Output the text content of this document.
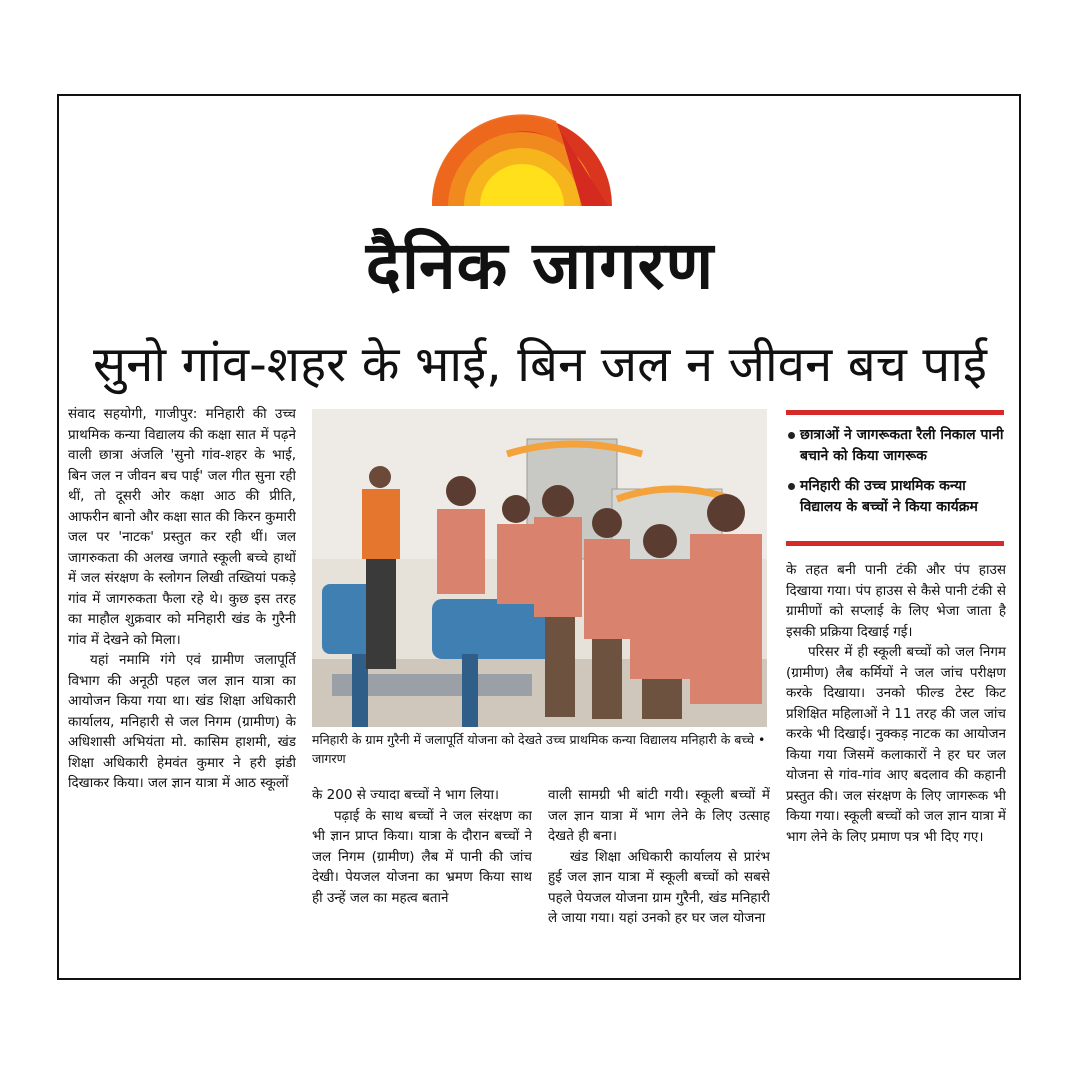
दैनिक जागरण
सुनो गांव-शहर के भाई, बिन जल न जीवन बच पाई

संवाद सहयोगी, गाजीपुर: मनिहारी की उच्च प्राथमिक कन्या विद्यालय की कक्षा सात में पढ़ने वाली छात्रा अंजलि 'सुनो गांव-शहर के भाई, बिन जल न जीवन बच पाई' जल गीत सुना रही थीं, तो दूसरी ओर कक्षा आठ की प्रीति, आफरीन बानो और कक्षा सात की किरन कुमारी जल पर 'नाटक' प्रस्तुत कर रही थीं। जल जागरुकता की अलख जगाते स्कूली बच्चे हाथों में जल संरक्षण के स्लोगन लिखी तख्तियां पकड़े गांव में जागरुकता फैला रहे थे। कुछ इस तरह का माहौल शुक्रवार को मनिहारी खंड के गुरैनी गांव में देखने को मिला।

यहां नमामि गंगे एवं ग्रामीण जलापूर्ति विभाग की अनूठी पहल जल ज्ञान यात्रा का आयोजन किया गया था। खंड शिक्षा अधिकारी कार्यालय, मनिहारी से जल निगम (ग्रामीण) के अधिशासी अभियंता मो. कासिम हाशमी, खंड शिक्षा अधिकारी हेमवंत कुमार ने हरी झंडी दिखाकर किया। जल ज्ञान यात्रा में आठ स्कूलों

मनिहारी के ग्राम गुरैनी में जलापूर्ति योजना को देखते उच्च प्राथमिक कन्या विद्यालय मनिहारी के बच्चे • जागरण
छात्राओं ने जागरूकता रैली निकाल पानी बचाने को किया जागरूक
मनिहारी की उच्च प्राथमिक कन्या विद्यालय के बच्चों ने किया कार्यक्रम

के 200 से ज्यादा बच्चों ने भाग लिया।

पढ़ाई के साथ बच्चों ने जल संरक्षण का भी ज्ञान प्राप्त किया। यात्रा के दौरान बच्चों ने जल निगम (ग्रामीण) लैब में पानी की जांच देखी। पेयजल योजना का भ्रमण किया साथ ही उन्हें जल का महत्व बताने

वाली सामग्री भी बांटी गयी। स्कूली बच्चों में जल ज्ञान यात्रा में भाग लेने के लिए उत्साह देखते ही बना।

खंड शिक्षा अधिकारी कार्यालय से प्रारंभ हुई जल ज्ञान यात्रा में स्कूली बच्चों को सबसे पहले पेयजल योजना ग्राम गुरैनी, खंड मनिहारी ले जाया गया। यहां उनको हर घर जल योजना

के तहत बनी पानी टंकी और पंप हाउस दिखाया गया। पंप हाउस से कैसे पानी टंकी से ग्रामीणों को सप्लाई के लिए भेजा जाता है इसकी प्रक्रिया दिखाई गई।

परिसर में ही स्कूली बच्चों को जल निगम (ग्रामीण) लैब कर्मियों ने जल जांच परीक्षण करके दिखाया। उनको फील्ड टेस्ट किट प्रशिक्षित महिलाओं ने 11 तरह की जल जांच करके भी दिखाई। नुक्कड़ नाटक का आयोजन किया गया जिसमें कलाकारों ने हर घर जल योजना से गांव-गांव आए बदलाव की कहानी प्रस्तुत की। जल संरक्षण के लिए जागरूक भी किया गया। स्कूली बच्चों को जल ज्ञान यात्रा में भाग लेने के लिए प्रमाण पत्र भी दिए गए।
